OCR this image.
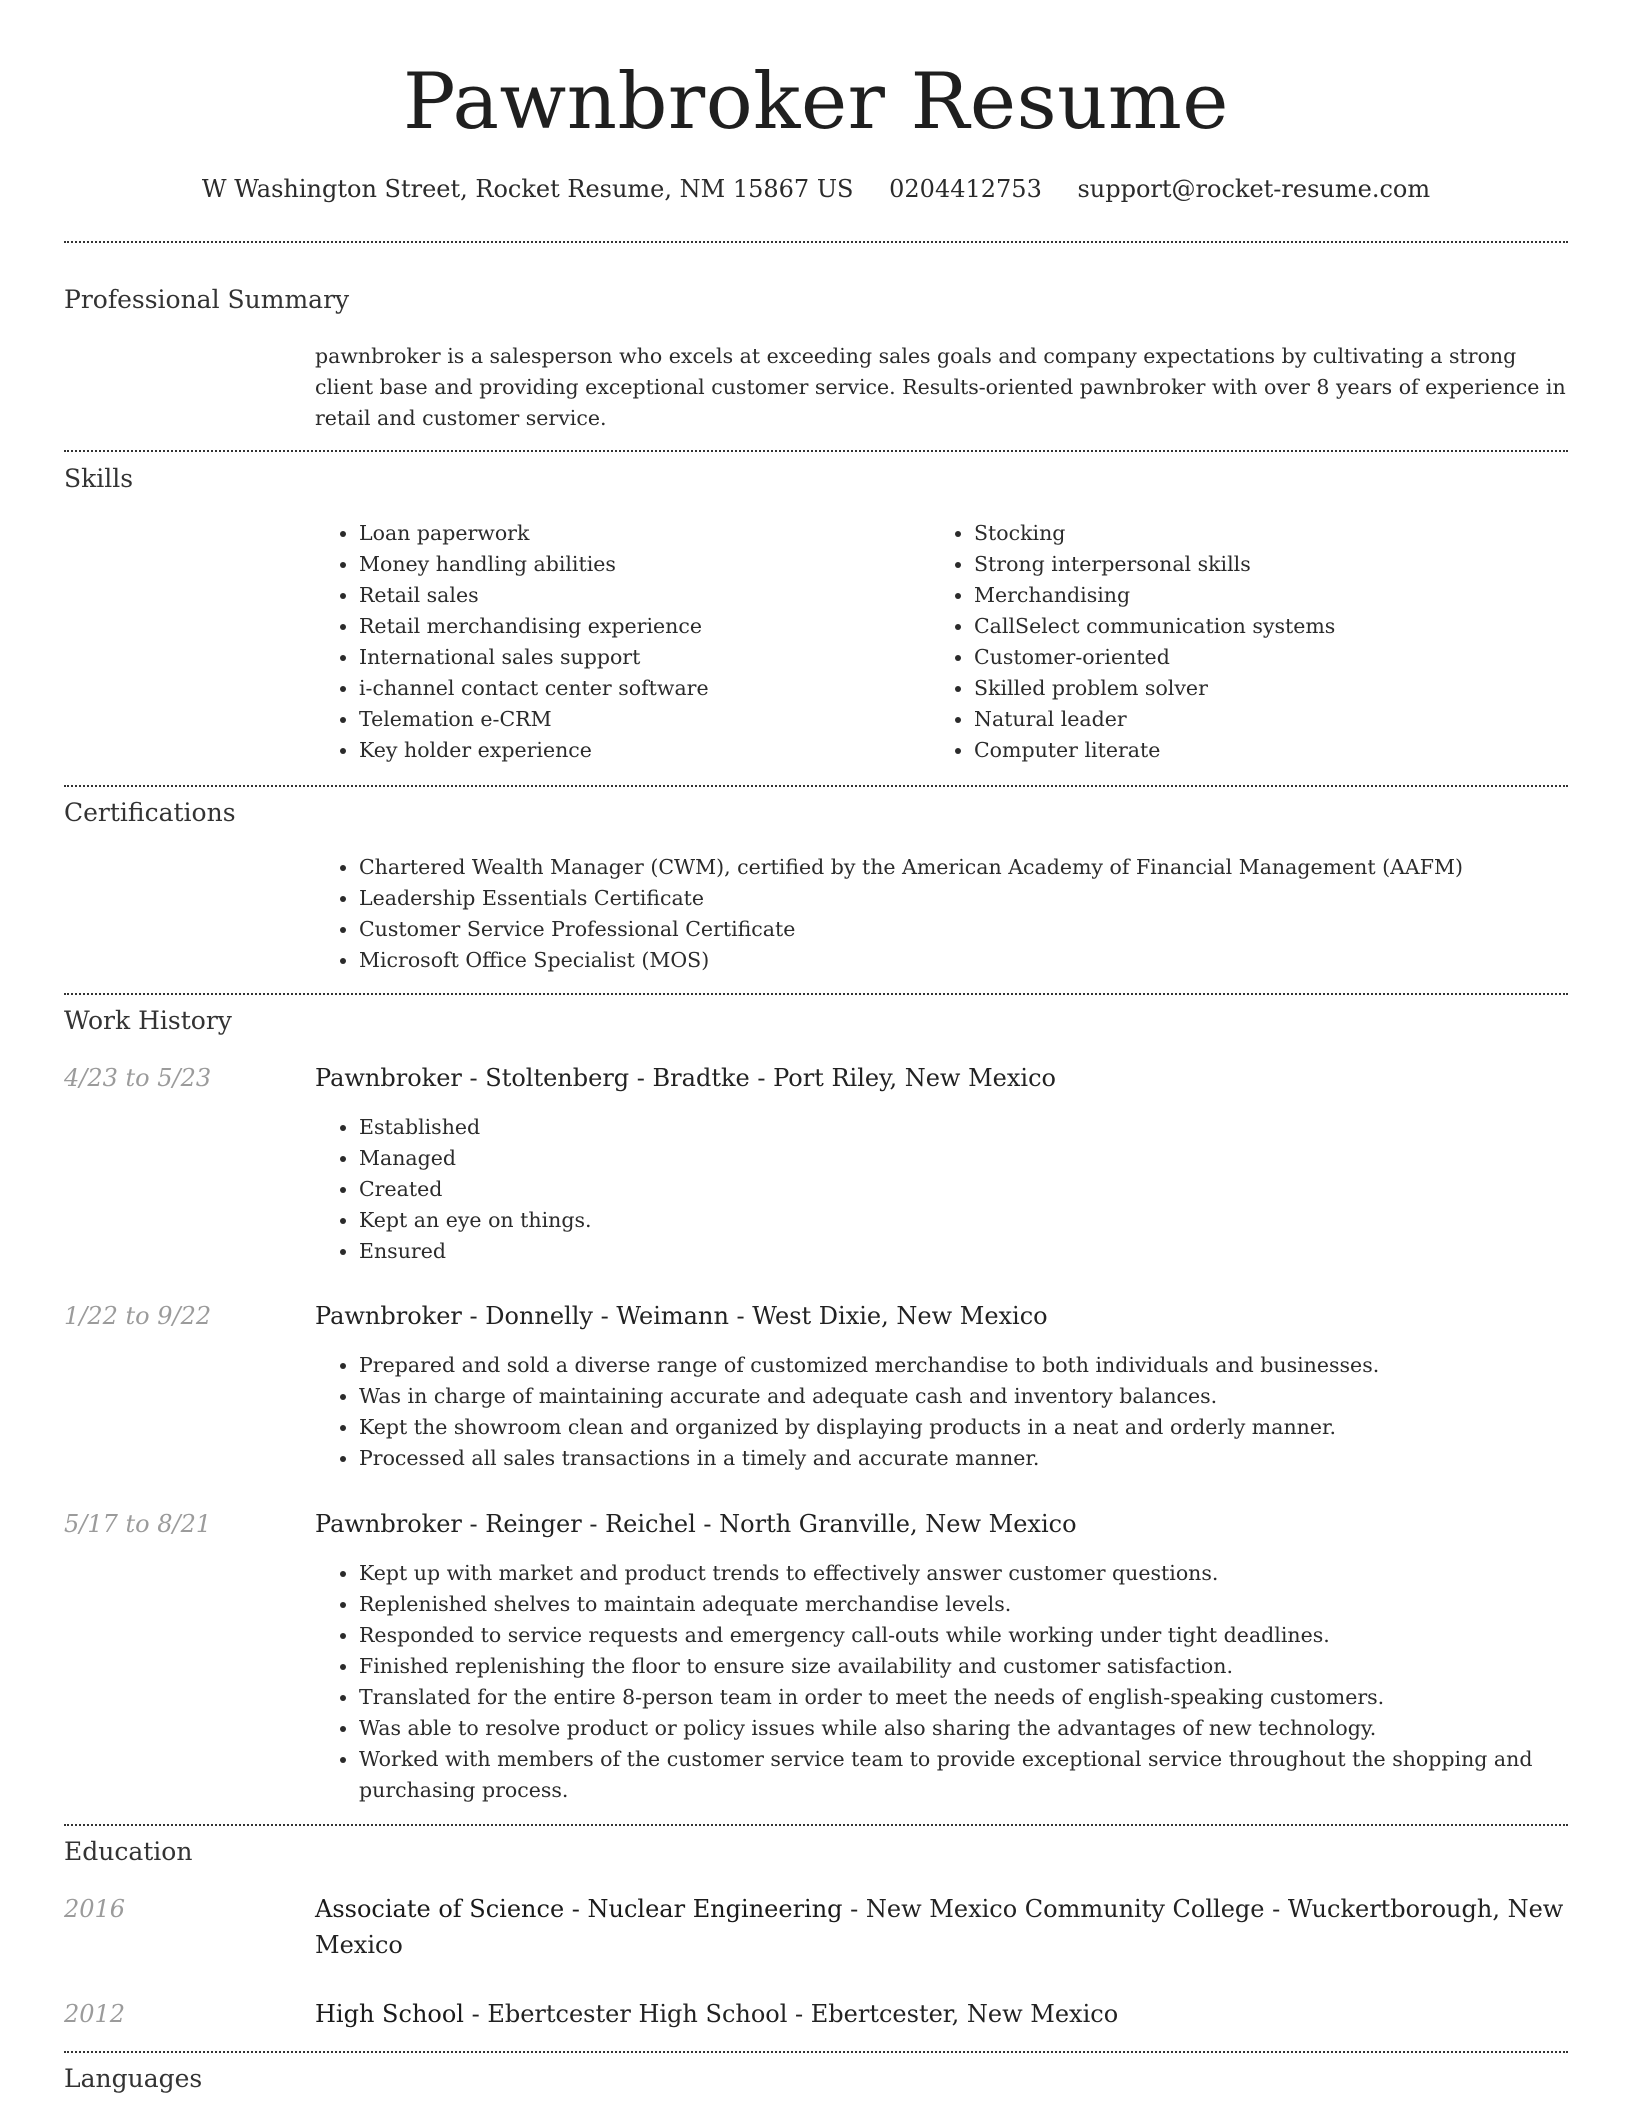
Pawnbroker Resume
W Washington Street, Rocket Resume, NM 15867 US 0204412753 support@rocket-resume.com
Professional Summary
pawnbroker is a salesperson who excels at exceeding sales goals and company expectations by cultivating a strong client base and providing exceptional customer service. Results-oriented pawnbroker with over 8 years of experience in retail and customer service.
Skills
• Loan paperwork
• Money handling abilities
• Retail sales
• Retail merchandising experience
• International sales support
• i-channel contact center software
• Telemation e-CRM
• Key holder experience
• Stocking
• Strong interpersonal skills
• Merchandising
• CallSelect communication systems
• Customer-oriented
• Skilled problem solver
• Natural leader
• Computer literate
Certifications
• Chartered Wealth Manager (CWM), certified by the American Academy of Financial Management (AAFM)
• Leadership Essentials Certificate
• Customer Service Professional Certificate
• Microsoft Office Specialist (MOS)
Work History
4/23 to 5/23	Pawnbroker - Stoltenberg - Bradtke - Port Riley, New Mexico
• Established
• Managed
• Created
• Kept an eye on things.
• Ensured
1/22 to 9/22	Pawnbroker - Donnelly - Weimann - West Dixie, New Mexico
• Prepared and sold a diverse range of customized merchandise to both individuals and businesses.
• Was in charge of maintaining accurate and adequate cash and inventory balances.
• Kept the showroom clean and organized by displaying products in a neat and orderly manner.
• Processed all sales transactions in a timely and accurate manner.
5/17 to 8/21	Pawnbroker - Reinger - Reichel - North Granville, New Mexico
• Kept up with market and product trends to effectively answer customer questions.
• Replenished shelves to maintain adequate merchandise levels.
• Responded to service requests and emergency call-outs while working under tight deadlines.
• Finished replenishing the floor to ensure size availability and customer satisfaction.
• Translated for the entire 8-person team in order to meet the needs of english-speaking customers.
• Was able to resolve product or policy issues while also sharing the advantages of new technology.
• Worked with members of the customer service team to provide exceptional service throughout the shopping and purchasing process.
Education
2016	Associate of Science - Nuclear Engineering - New Mexico Community College - Wuckertborough, New Mexico
2012	High School - Ebertcester High School - Ebertcester, New Mexico
Languages
